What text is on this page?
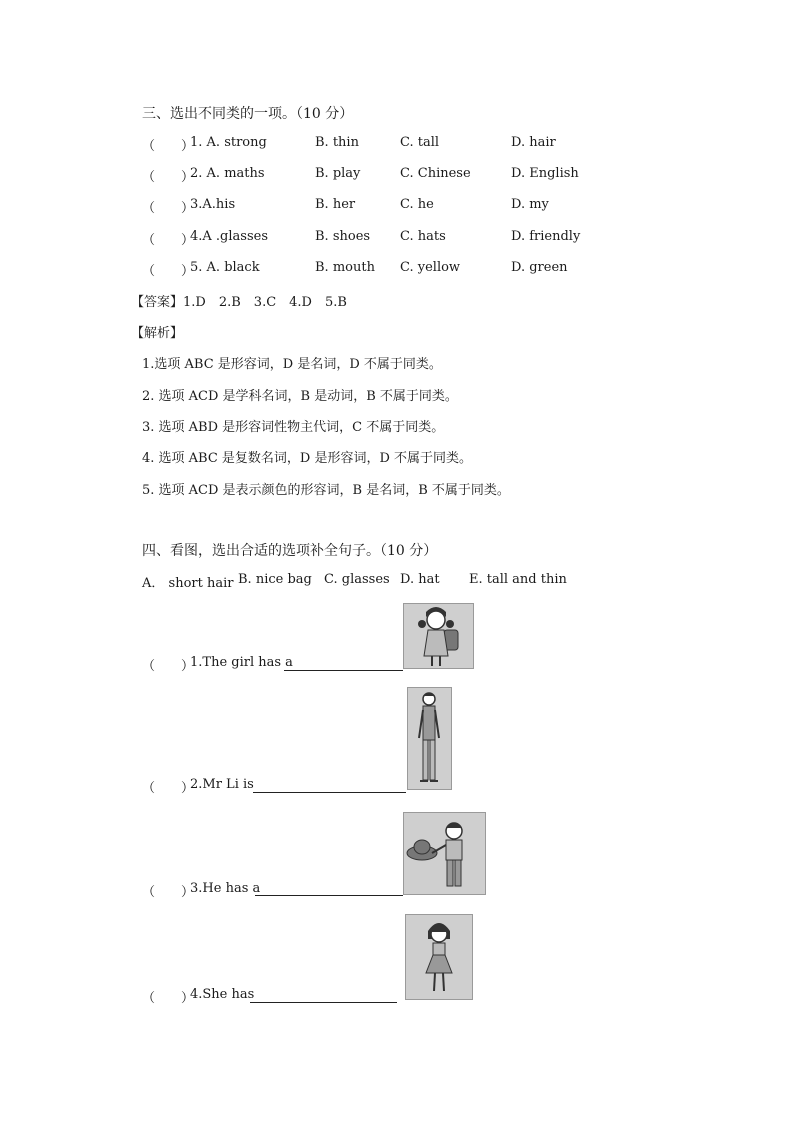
三、选出不同类的一项。（10 分）
（　　）
1. A. strong	B. thin	C. tall	D. hair
（　　）
2. A. maths	B. play	C. Chinese	D. English
（　　）
3.A.his	B. her	C. he	D. my
（　　）
4.A .glasses	B. shoes C. hats	D. friendly
（　　）
5. A. black	B. mouth C. yellow	D. green
【答案】1.D　2.B　3.C　4.D　5.B
【解析】
1.选项 ABC 是形容词，D 是名词，D 不属于同类。
2. 选项 ACD 是学科名词，B 是动词，B 不属于同类。
3. 选项 ABD 是形容词性物主代词，C 不属于同类。
4. 选项 ABC 是复数名词，D 是形容词，D 不属于同类。
5. 选项 ACD 是表示颜色的形容词，B 是名词，B 不属于同类。
四、看图，选出合适的选项补全句子。（10 分）
A． short hair B. nice bag C. glasses D. hat E. tall and thin
（　　）
1.The girl has a
（　　）
2.Mr Li is
（　　）
3.He has a
（　　）
4.She has
